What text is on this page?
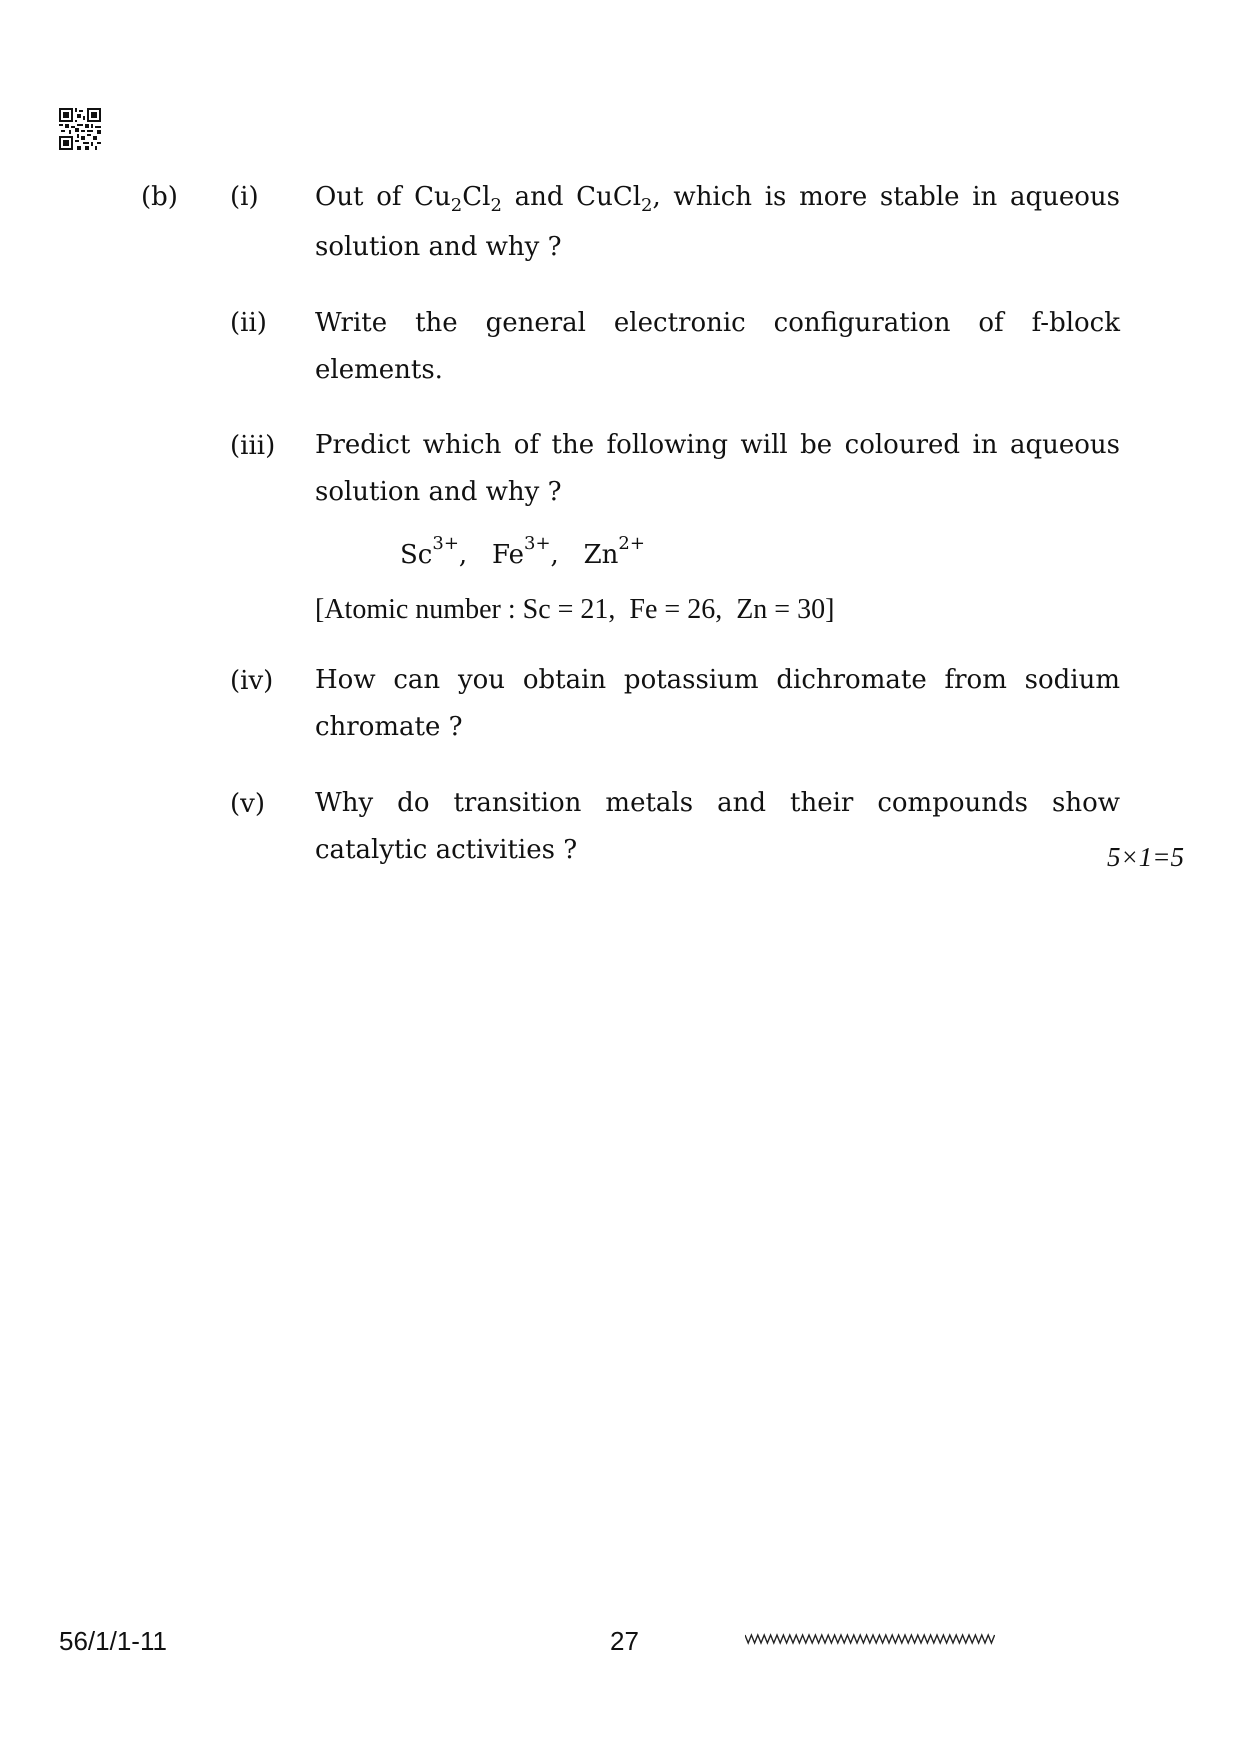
(b) (i) Out of $Cu_2Cl_2$ and CuCl$_2$, which is more stable in aqueous
solution and why ?
(ii) Write the general electronic configuration of f-block
elements.
(iii) Predict which of the following will be coloured in aqueous
solution and why ?
$Sc^{3+}$, $Fe^{3+}$, $Zn^{2+}$
[Atomic number : Sc = 21,  Fe = 26,  Zn = 30]
(iv) How can you obtain potassium dichromate from sodium
chromate ?
(v) Why do transition metals and their compounds show
catalytic activities ?	5×1=5
56/1/1-11	27
